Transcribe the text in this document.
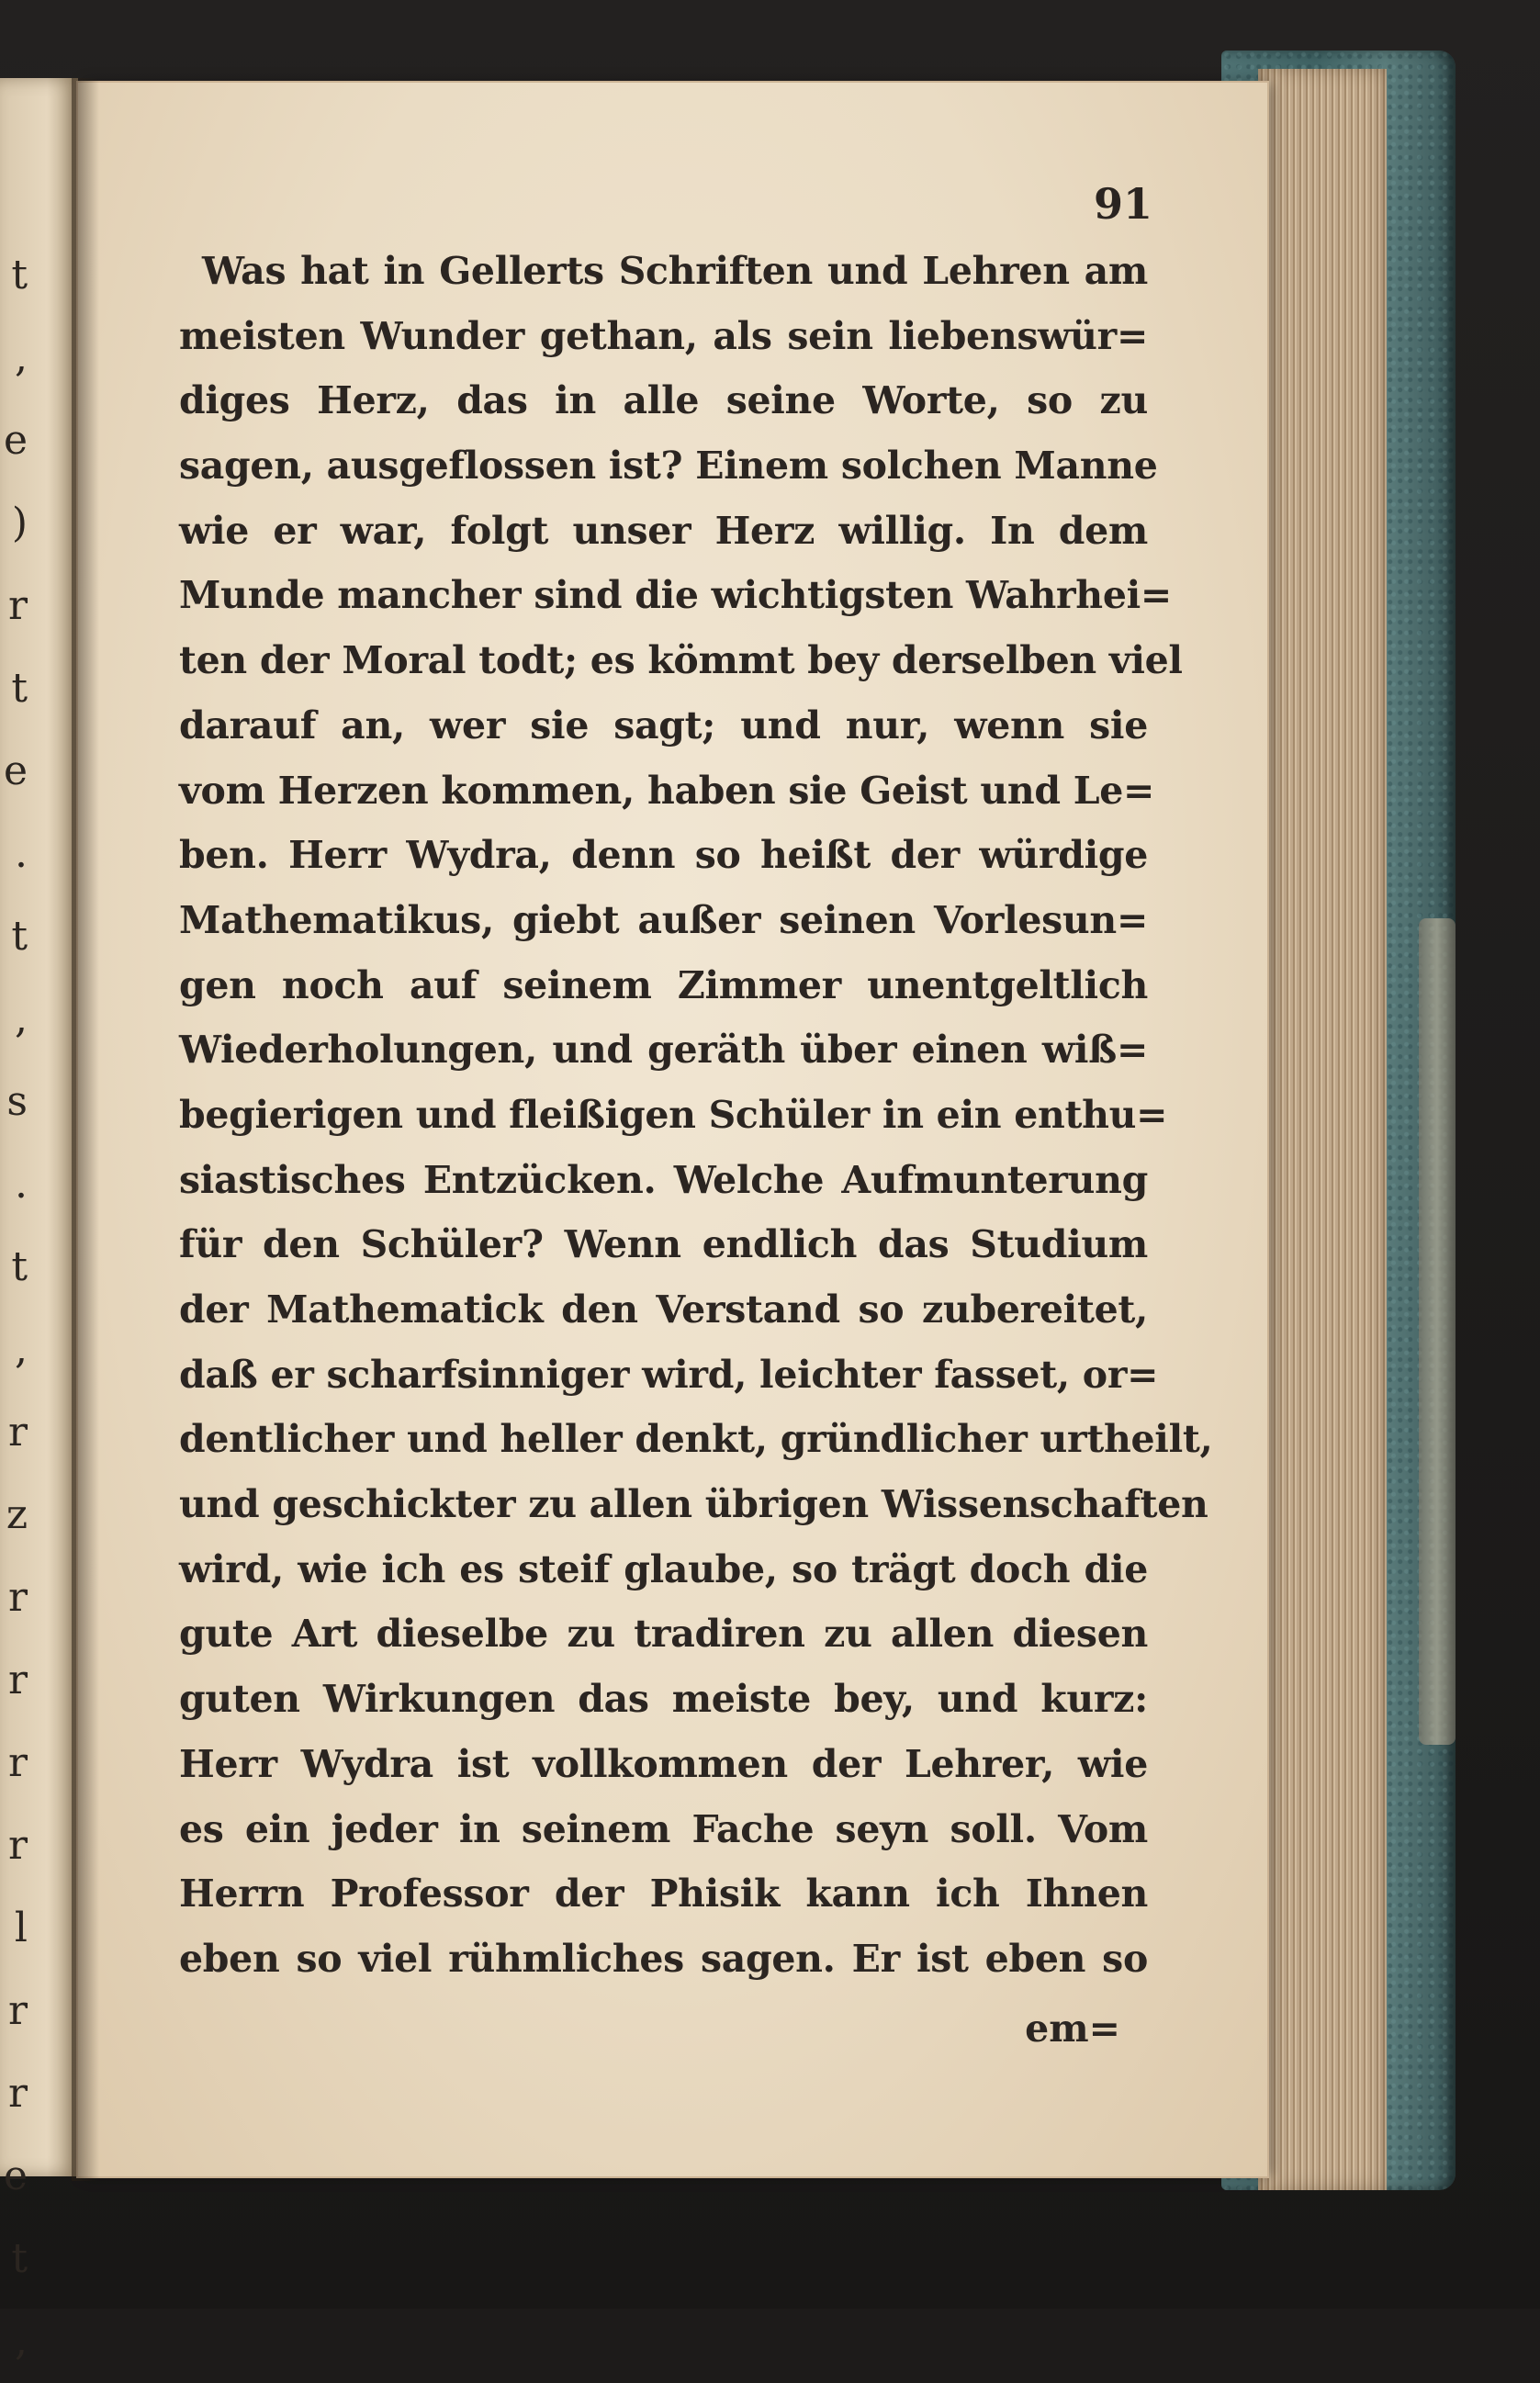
t
,
e
)
r
t
e
.
t
,
s
.
t
,
r
z
r
r
r
r
l
r
r
e
t
,
91
Was hat in Gellerts Schriften und Lehren am
meisten Wunder gethan, als sein liebenswür=
diges Herz, das in alle seine Worte, so zu
sagen, ausgeflossen ist? Einem solchen Manne
wie er war, folgt unser Herz willig. In dem
Munde mancher sind die wichtigsten Wahrhei=
ten der Moral todt; es kömmt bey derselben viel
darauf an, wer sie sagt; und nur, wenn sie
vom Herzen kommen, haben sie Geist und Le=
ben. Herr Wydra, denn so heißt der würdige
Mathematikus, giebt außer seinen Vorlesun=
gen noch auf seinem Zimmer unentgeltlich
Wiederholungen, und geräth über einen wiß=
begierigen und fleißigen Schüler in ein enthu=
siastisches Entzücken. Welche Aufmunterung
für den Schüler? Wenn endlich das Studium
der Mathematick den Verstand so zubereitet,
daß er scharfsinniger wird, leichter fasset, or=
dentlicher und heller denkt, gründlicher urtheilt,
und geschickter zu allen übrigen Wissenschaften
wird, wie ich es steif glaube, so trägt doch die
gute Art dieselbe zu tradiren zu allen diesen
guten Wirkungen das meiste bey, und kurz:
Herr Wydra ist vollkommen der Lehrer, wie
es ein jeder in seinem Fache seyn soll. Vom
Herrn Professor der Phisik kann ich Ihnen
eben so viel rühmliches sagen. Er ist eben so
em=
